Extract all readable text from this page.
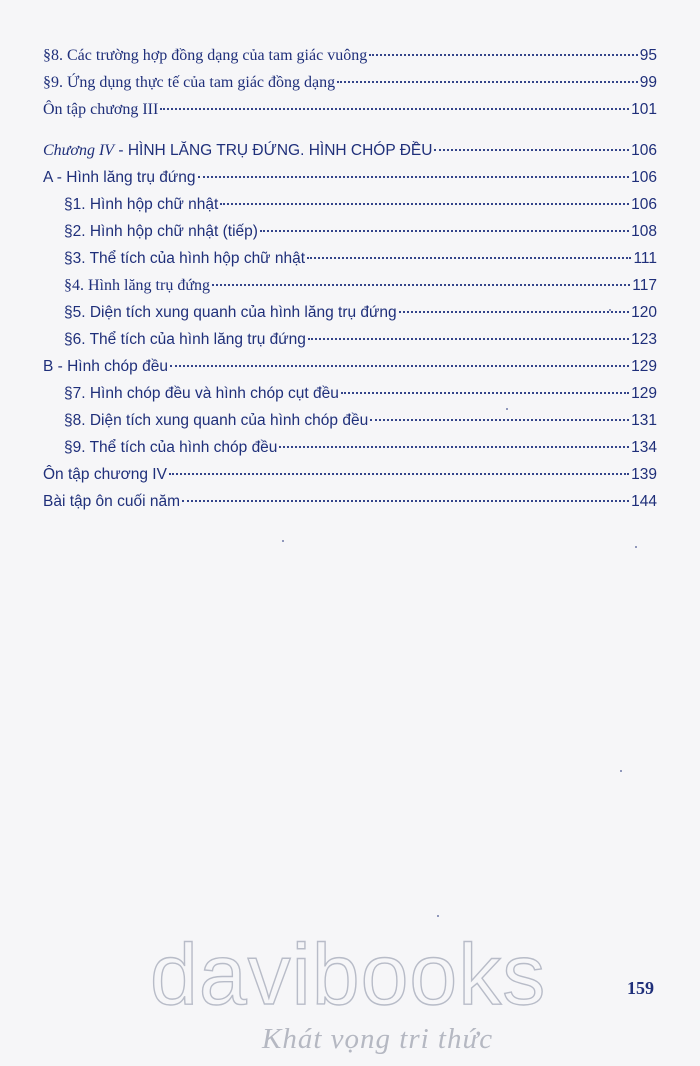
§8. Các trường hợp đồng dạng của tam giác vuông	95
§9. Ứng dụng thực tế của tam giác đồng dạng	99
Ôn tập chương III	101
Chương IV - HÌNH LĂNG TRỤ ĐỨNG. HÌNH CHÓP ĐỀU	106
A - Hình lăng trụ đứng	106
§1. Hình hộp chữ nhật	106
§2. Hình hộp chữ nhật (tiếp)	108
§3. Thể tích của hình hộp chữ nhật	111
§4. Hình lăng trụ đứng	117
§5. Diện tích xung quanh của hình lăng trụ đứng	120
§6. Thể tích của hình lăng trụ đứng	123
B - Hình chóp đều	129
§7. Hình chóp đều và hình chóp cụt đều	129
§8. Diện tích xung quanh của hình chóp đều	131
§9. Thể tích của hình chóp đều	134
Ôn tập chương IV	139
Bài tập ôn cuối năm	144
159
davibooks
Khát vọng tri thức
